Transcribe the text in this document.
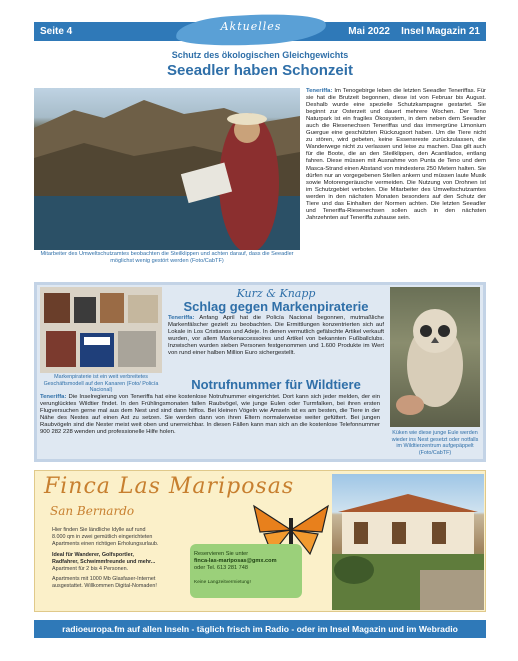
Seite 4	Mai 2022 Insel Magazin 21
Aktuelles
Schutz des ökologischen Gleichgewichts
Seeadler haben Schonzeit
Mitarbeiter des Umweltschutzamtes beobachten die Steilklippen und achten darauf, dass die Seeadler möglichst wenig gestört werden (Foto/CabTF)
Teneriffa: Im Tenogebirge leben die letzten Seeadler Teneriffas. Für sie hat die Brutzeit begonnen, diese ist von Februar bis August. Deshalb wurde eine spezielle Schutzkampagne gestartet. Sie beginnt zur Osterzeit und dauert mehrere Wochen. Der Teno Naturpark ist ein fragiles Ökosystem, in dem neben dem Seeadler auch die Riesenechsen Teneriffas und das immergrüne Limonium Guergue eine geschützten Rückzugsort haben. Um die Tiere nicht zu stören, wird gebeten, keine Essensreste zurückzulassen, die Wanderwege nicht zu verlassen und leise zu machen. Das gilt auch für die Boote, die an den Steilklippen, den Acantilados, entlang fahren. Diese müssen mit Ausnahme von Punta de Teno und dem Masca-Strand einen Abstand von mindestens 250 Metern halten. Sie dürfen nur an vorgegebenen Stellen ankern und müssen laute Musik sowie Motorengeräusche vermeiden. Die Nutzung von Drohnen ist im Schutzgebiet verboten. Die Mitarbeiter des Umweltschutzamtes werden in den nächsten Monaten besonders auf den Schutz der Tiere und das Einhalten der Normen achten. Die letzten Seeadler und Teneriffa-Riesenechsen sollen auch in den nächsten Jahrzehnten auf Teneriffa zuhause sein.
Markenpiraterie ist ein weit verbreitetes Geschäftsmodell auf den Kanaren (Foto/ Policía Nacional)
Kurz & Knapp
Schlag gegen Markenpiraterie
Teneriffa: Anfang April hat die Policía Nacional begonnen, mutmaßliche Markenfälscher gezielt zu beobachten. Die Ermittlungen konzentrierten sich auf Lokale in Los Cristianos und Adeje. In denen vermutlich gefälschte Artikel verkauft wurden, vor allem Markenaccessoires und Artikel von bekannten Fußballclubs. Inzwischen wurden sieben Personen festgenommen und 1.600 Produkte im Wert von rund einer halben Million Euro sichergestellt.
Notrufnummer für Wildtiere
Teneriffa: Die Inselregierung von Teneriffa hat eine kostenlose Notrufnummer eingerichtet. Dort kann sich jeder melden, der ein verunglücktes Wildtier findet. In den Frühlingsmonaten fallen Raubvögel, wie junge Eulen oder Turmfalken, bei ihren ersten Flugversuchen gerne mal aus dem Nest und sind dann hilflos. Bei kleinen Vögeln wie Amseln ist es am besten, die Tiere in der Nähe des Nestes auf einen Ast zu setzen. Sie werden dann von ihren Eltern normalerweise weiter gefüttert. Bei jungen Raubvögeln sind die Nester meist weit oben und unerreichbar. In diesen Fällen kann man sich an die kostenlose Telefonnummer 900 282 228 wenden und professionelle Hilfe holen.	Küken wie diese junge Eule werden wieder ins Nest gesetzt oder notfalls im Wildtierzentrum aufgepäppelt (Foto/CabTF)
Finca Las Mariposas
San Bernardo
Hier finden Sie ländliche Idylle auf rund
8.000 qm in zwei gemütlich eingerichteten
Apartments einen richtigen Erholungsurlaub.
Ideal für Wanderer, Golfsportler,
Radfahrer, Schwimmfreunde und mehr...
Apartment für 2 bis 4 Personen.
Apartments mit 1000 Mb Glasfaser-Internet
ausgestattet. Willkommen Digital-Nomaden!
Reservieren Sie unter
finca-las-mariposas@gmx.com
oder Tel. 613 281 748
Keine Langzeitvermietung!
radioeuropa.fm auf allen Inseln - täglich frisch im Radio - oder im Insel Magazin und im Webradio
